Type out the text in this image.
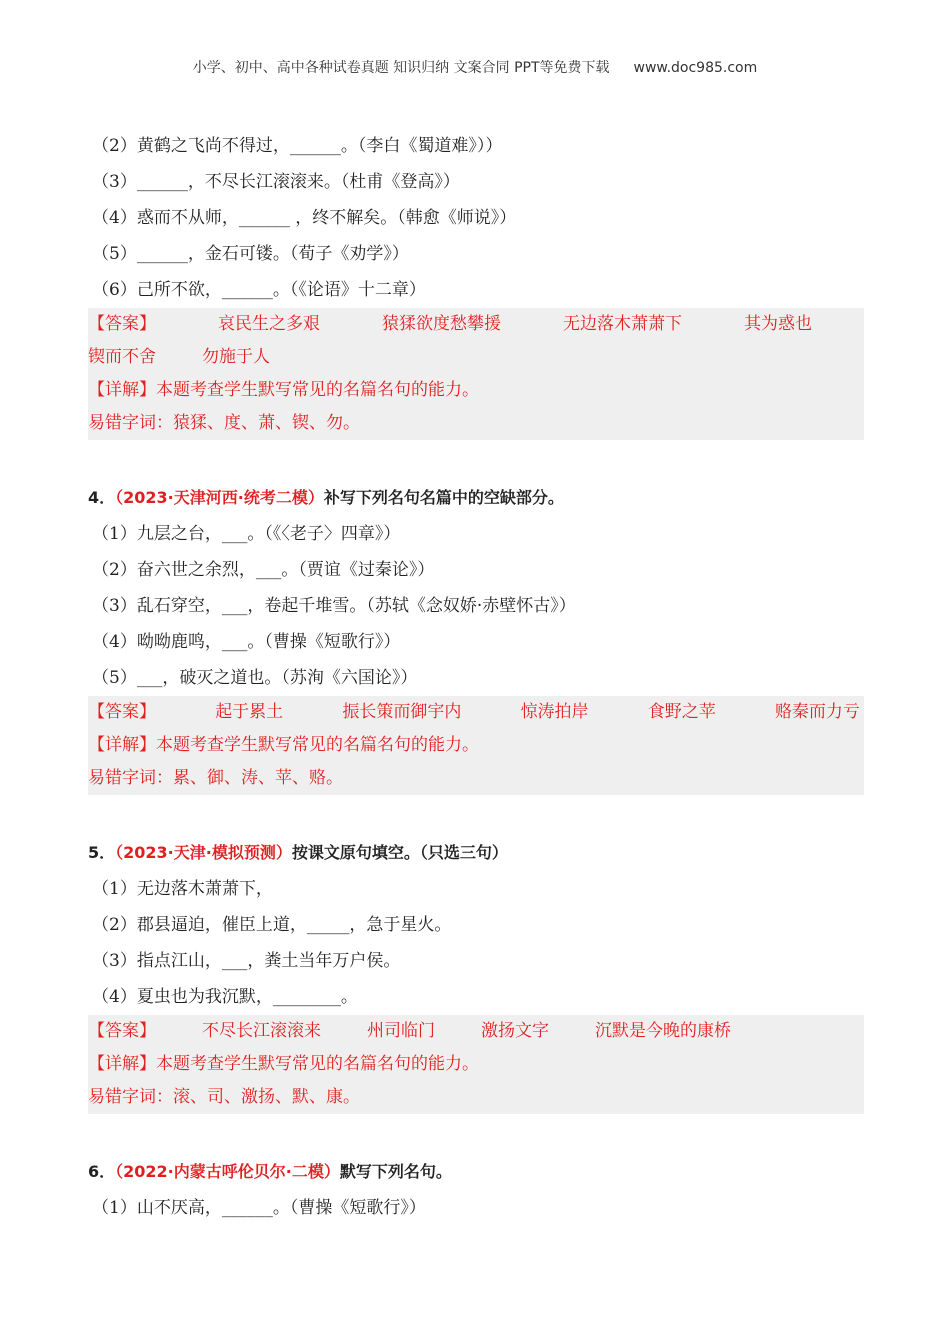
小学、初中、高中各种试卷真题 知识归纳 文案合同 PPT等免费下载 www.doc985.com
（2）黄鹤之飞尚不得过，______。（李白《蜀道难》））
（3）______，不尽长江滚滚来。（杜甫《登高》）
（4）惑而不从师，______ ，终不解矣。（韩愈《师说》）
（5）______，金石可镂。（荀子《劝学》）
（6）己所不欲，______。（《论语》十二章）
【答案】	哀民生之多艰	猿猱欲度愁攀援	无边落木萧萧下	其为惑也
锲而不舍	勿施于人
【详解】本题考查学生默写常见的名篇名句的能力。
易错字词：猿猱、度、萧、锲、勿。
4．（2023·天津河西·统考二模）补写下列名句名篇中的空缺部分。
（1）九层之台，___。（《〈老子〉四章》）
（2）奋六世之余烈，___。（贾谊《过秦论》）
（3）乱石穿空，___，卷起千堆雪。（苏轼《念奴娇·赤壁怀古》）
（4）呦呦鹿鸣，___。（曹操《短歌行》）
（5）___，破灭之道也。（苏洵《六国论》）
【答案】	起于累土	振长策而御宇内	惊涛拍岸	食野之苹	赂秦而力亏
【详解】本题考查学生默写常见的名篇名句的能力。
易错字词：累、御、涛、苹、赂。
5．（2023·天津·模拟预测）按课文原句填空。（只选三句）
（1）无边落木萧萧下，
（2）郡县逼迫，催臣上道，_____，急于星火。
（3）指点江山，___，粪土当年万户侯。
（4）夏虫也为我沉默，________。
【答案】	不尽长江滚滚来	州司临门	激扬文字	沉默是今晚的康桥
【详解】本题考查学生默写常见的名篇名句的能力。
易错字词：滚、司、激扬、默、康。
6．（2022·内蒙古呼伦贝尔·二模）默写下列名句。
（1）山不厌高，______。（曹操《短歌行》）
